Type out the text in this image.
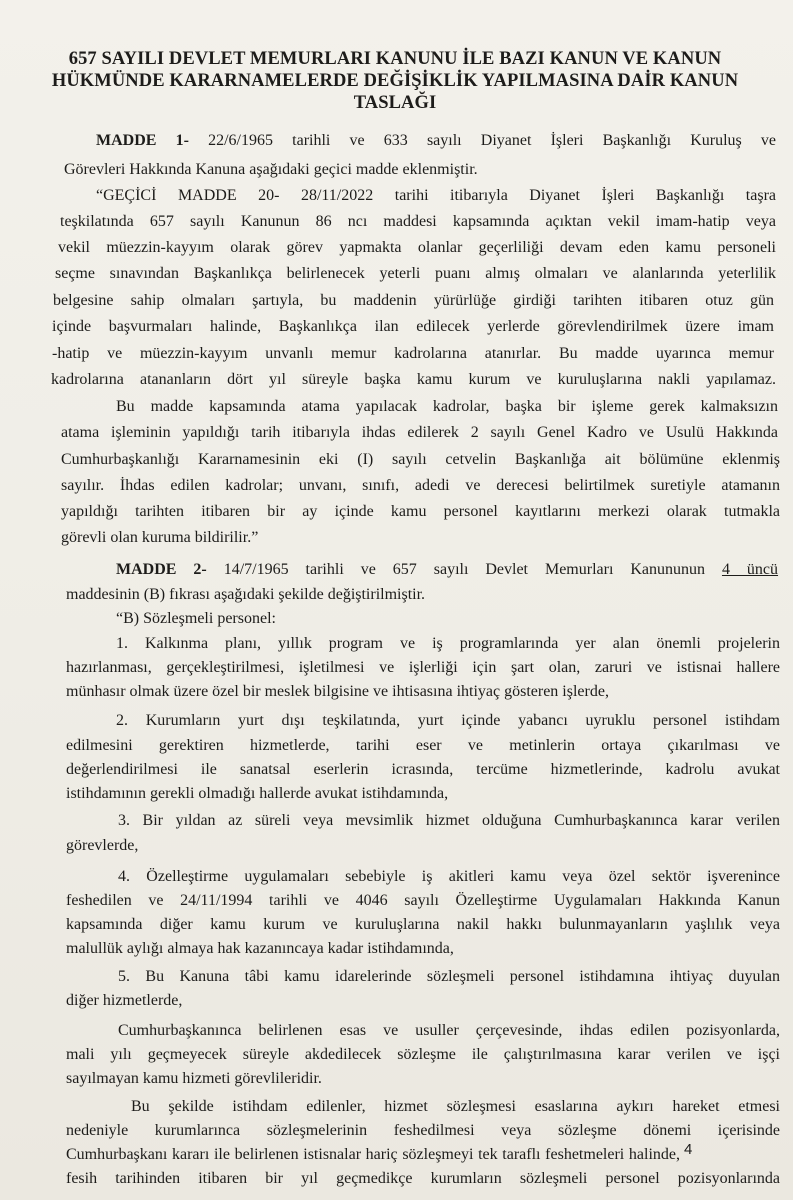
657 SAYILI DEVLET MEMURLARI KANUNU İLE BAZI KANUN VE KANUN
HÜKMÜNDE KARARNAMELERDE DEĞİŞİKLİK YAPILMASINA DAİR KANUN
TASLAĞI
MADDE 1- 22/6/1965 tarihli ve 633 sayılı Diyanet İşleri Başkanlığı Kuruluş ve
Görevleri Hakkında Kanuna aşağıdaki geçici madde eklenmiştir.
“GEÇİCİ MADDE 20- 28/11/2022 tarihi itibarıyla Diyanet İşleri Başkanlığı taşra
teşkilatında 657 sayılı Kanunun 86 ncı maddesi kapsamında açıktan vekil imam-hatip veya
vekil müezzin-kayyım olarak görev yapmakta olanlar geçerliliği devam eden kamu personeli
seçme sınavından Başkanlıkça belirlenecek yeterli puanı almış olmaları ve alanlarında yeterlilik
belgesine sahip olmaları şartıyla, bu maddenin yürürlüğe girdiği tarihten itibaren otuz gün
içinde başvurmaları halinde, Başkanlıkça ilan edilecek yerlerde görevlendirilmek üzere imam
-hatip ve müezzin-kayyım unvanlı memur kadrolarına atanırlar. Bu madde uyarınca memur
kadrolarına atananların dört yıl süreyle başka kamu kurum ve kuruluşlarına nakli yapılamaz.
Bu madde kapsamında atama yapılacak kadrolar, başka bir işleme gerek kalmaksızın
atama işleminin yapıldığı tarih itibarıyla ihdas edilerek 2 sayılı Genel Kadro ve Usulü Hakkında
Cumhurbaşkanlığı Kararnamesinin eki (I) sayılı cetvelin Başkanlığa ait bölümüne eklenmiş
sayılır. İhdas edilen kadrolar; unvanı, sınıfı, adedi ve derecesi belirtilmek suretiyle atamanın
yapıldığı tarihten itibaren bir ay içinde kamu personel kayıtlarını merkezi olarak tutmakla
görevli olan kuruma bildirilir.”
MADDE 2- 14/7/1965 tarihli ve 657 sayılı Devlet Memurları Kanununun 4 üncü
maddesinin (B) fıkrası aşağıdaki şekilde değiştirilmiştir.
“B) Sözleşmeli personel:
1. Kalkınma planı, yıllık program ve iş programlarında yer alan önemli projelerin
hazırlanması, gerçekleştirilmesi, işletilmesi ve işlerliği için şart olan, zaruri ve istisnai hallere
münhasır olmak üzere özel bir meslek bilgisine ve ihtisasına ihtiyaç gösteren işlerde,
2. Kurumların yurt dışı teşkilatında, yurt içinde yabancı uyruklu personel istihdam
edilmesini gerektiren hizmetlerde, tarihi eser ve metinlerin ortaya çıkarılması ve
değerlendirilmesi ile sanatsal eserlerin icrasında, tercüme hizmetlerinde, kadrolu avukat
istihdamının gerekli olmadığı hallerde avukat istihdamında,
3. Bir yıldan az süreli veya mevsimlik hizmet olduğuna Cumhurbaşkanınca karar verilen
görevlerde,
4. Özelleştirme uygulamaları sebebiyle iş akitleri kamu veya özel sektör işverenince
feshedilen ve 24/11/1994 tarihli ve 4046 sayılı Özelleştirme Uygulamaları Hakkında Kanun
kapsamında diğer kamu kurum ve kuruluşlarına nakil hakkı bulunmayanların yaşlılık veya
malullük aylığı almaya hak kazanıncaya kadar istihdamında,
5. Bu Kanuna tâbi kamu idarelerinde sözleşmeli personel istihdamına ihtiyaç duyulan
diğer hizmetlerde,
Cumhurbaşkanınca belirlenen esas ve usuller çerçevesinde, ihdas edilen pozisyonlarda,
mali yılı geçmeyecek süreyle akdedilecek sözleşme ile çalıştırılmasına karar verilen ve işçi
sayılmayan kamu hizmeti görevlileridir.
Bu şekilde istihdam edilenler, hizmet sözleşmesi esaslarına aykırı hareket etmesi
nedeniyle kurumlarınca sözleşmelerinin feshedilmesi veya sözleşme dönemi içerisinde
Cumhurbaşkanı kararı ile belirlenen istisnalar hariç sözleşmeyi tek taraflı feshetmeleri halinde,
fesih tarihinden itibaren bir yıl geçmedikçe kurumların sözleşmeli personel pozisyonlarında
4
